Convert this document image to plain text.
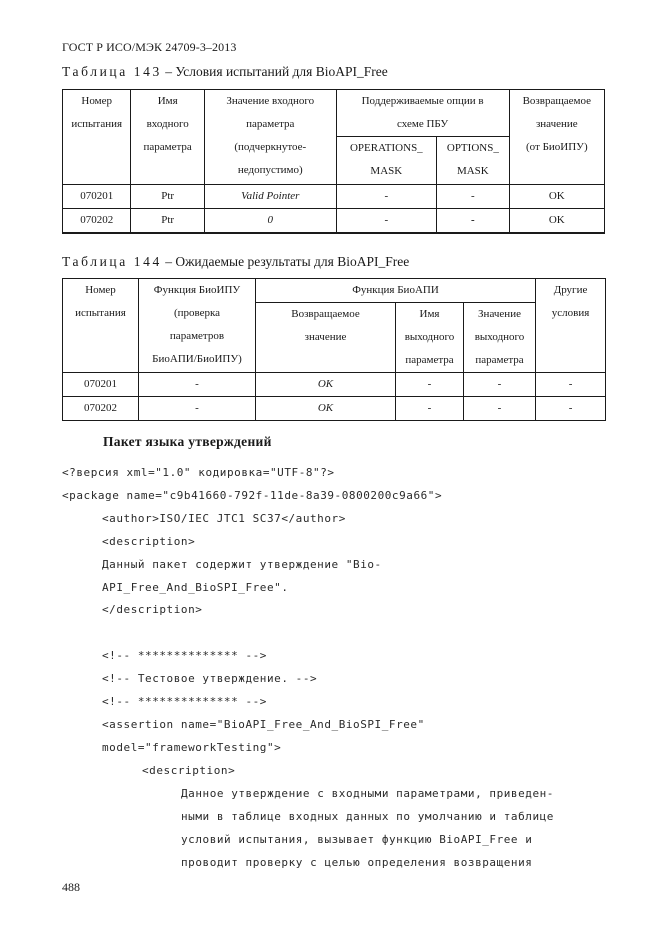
ГОСТ Р ИСО/МЭК 24709-3–2013
Таблица 143 – Условия испытаний для BioAPI_Free
Номер
испытания	Имя
входного
параметра	Значение входного
параметра
(подчеркнутое-
недопустимо)	Поддерживаемые опции в
схеме ПБУ		Возвращаемое
значение
(от БиоИПУ)

			OPERATIONS_
MASK	OPTIONS_
MASK	

070201	Ptr	Valid Pointer	-	-	OK
070202	Ptr	0	-	-	OK
Таблица 144 – Ожидаемые результаты для BioAPI_Free
Номер
испытания	Функция БиоИПУ
(проверка
параметров
БиоАПИ/БиоИПУ)	Функция БиоАПИ			Другие
условия

		Возвращаемое
значение	Имя
выходного
параметра	Значение
выходного
параметра	

070201	-	OK	-	-	-
070202	-	OK	-	-	-
Пакет языка утверждений

<?версия xml="1.0" кодировка="UTF-8"?>

<package name="c9b41660-792f-11de-8a39-0800200c9a66">

<author>ISO/IEC JTC1 SC37</author>

<description>

Данный пакет содержит утверждение "Bio-

API_Free_And_BioSPI_Free".

</description>

<!-- ************** -->

<!-- Тестовое утверждение. -->

<!-- ************** -->

<assertion name="BioAPI_Free_And_BioSPI_Free"

model="frameworkTesting">

<description>

Данное утверждение с входными параметрами, приведен-

ными в таблице входных данных по умолчанию и таблице

условий испытания, вызывает функцию BioAPI_Free и

проводит проверку с целью определения возвращения

488
